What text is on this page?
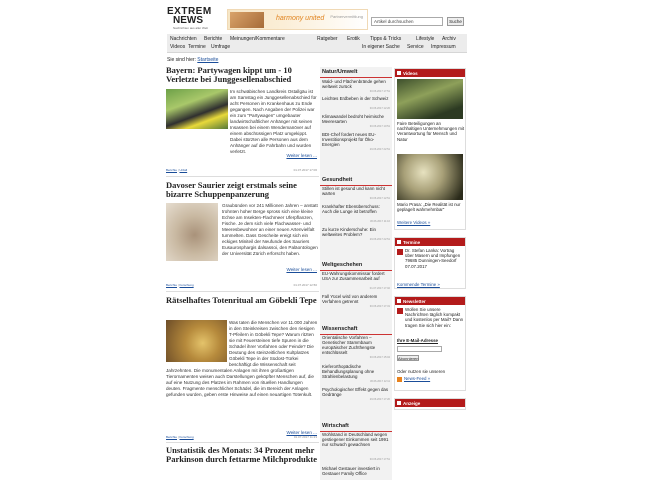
EXTREM
NEWS
Nachrichten aus aller Welt
harmony united Partnervermittlung
Artikel durchsuchen	Suche
Nachrichten Berichte Meinungen/Kommentare	Ratgeber Erotik Tipps & Tricks	Lifestyle Archiv
Videos Termine Umfrage	In eigener Sache Service Impressum
Sie sind hier: Startseite
Bayern: Partywagen kippt um - 10 Verletzte bei Junggesellenabschied
Im schwäbischen Landkreis Ostallgäu ist am Samstag ein Junggesellenabschied für acht Personen im Krankenhaus zu Ende gegangen. Nach Angaben der Polizei war ein zum "Partywagen" umgebauter landwirtschaftlicher Anhänger mit seinen Insassen bei einem Wendemanöver auf einem abschüssigen Platz umgekippt. Dabei stürzten alle Personen aus dem Anhänger auf die Fahrbahn und wurden verletzt.
Weiter lesen ...
Berichte | Unfall	01.07.2017 17:06
Davoser Saurier zeigt erstmals seine bizarre Schuppenpanzerung
Graubünden vor 241 Millionen Jahren – anstatt trohnten hoher Berge spross sich eine kleine Echse am Insekten-Flachmeer Uferpflanzen, Fische. Je dem sich viele Flachwasser- und Meeresbewohner an einer neuen Artenvielfalt tummelten. Dass Gescheite ereigt sich ein eckiges Miniteil der Neufunde des Sauriers Eusaurosphargis dalsassoi, den Paläontologen der Universität Zürich erforscht haben.
Weiter lesen ...
Berichte | Forschung	01.07.2017 12:50
Rätselhaftes Totenritual am Göbekli Tepe
Was taten die Menschen vor 11.000 Jahren in den Steinkreisen zwischen den riesigen T-Pfeilern in Göbekli Tepe? Warum ritzten sie mit Feuersteinen tiefe Spuren in die Schädel ihrer Vorfahren oder Feinde? Die Deutung des steinzeitlichen Kultplatzes Göbekli Tepe in der Südost-Türkei beschäftigt die Wissenschaft seit Jahrzehnten. Die monumentalen Anlagen mit ihren großartigen Tierornamenten weisen auch Darstellungen geköpfter Menschen auf, die auf eine Nutzung des Platzes im Rahmen von rituellen Handlungen deuten. Fragmente menschlicher Schädel, die im Bereich der Anlagen gefunden wurden, geben erste Hinweise auf einen neuartigen Totenkult.
Weiter lesen ...
Berichte | Forschung	01.07.2017 11:23
Unstatistik des Monats: 34 Prozent mehr Parkinson durch fettarme Milchprodukte
Natur/Umwelt
Wald- und Flächenbrände gehen weltweit zurück
30.06.2017 17:51
Leichtes Erdbeben in der Schweiz
30.06.2017 12:26
Klimawandel bedroht heimische Meeresarten
30.06.2017 10:51
BDI-Chef fordert neues EU-Investitionsprojekt für Öko-Energien
29.06.2017 22:51
Gesundheit
Stillen ist gesund und kann nicht warten
30.06.2017 12:51
Krankhafter Ebenüberschuss: Auch die Lunge ist betroffen
30.06.2017 11:16
Zu kurze Kinderschuhe: Ein weltweites Problem?
29.06.2017 22:51
Weltgeschehen
EU-Wahrungskommissar fordert USA zur Zusammenarbeit auf
01.07.2017 17:02
Fall Yücel wird von anderem Verfahren getrennt
30.06.2017 17:31
Wissenschaft
Orientalische Vorfahren – Genetischer Stammbaum europäischer Zuchthengste entschlüsselt
30.06.2017 15:04
Kieferorthopädische Behandlungsplanung ohne Strahlenbelastung
30.06.2017 12:11
Psychologischer Effekt gegen das Gedränge
29.06.2017 17:20
Wirtschaft
Wohlstand in Deutschland wegen gestiegener Einkommen seit 1991 nur schwach gewachsen
30.06.2017 17:51
Michael Gestauer investiert in Gestauer Family Office
Videos
Faire Beteiligungen an nachhaltigen Unternehmungen mit Verantwortung für Mensch und Natur
Mario Prasa: „Die Realität ist nur geplagelt wahrnehmbar“
Weitere Videos »
Termine
Dr. Stefan Lanka: Vortrag über Masern und Impfungen 79685 Dunningen-Seedorf 07.07.2017
Kommende Termine »
Newsletter
Wollen Sie unsere Nachrichten täglich kompakt und kostenlos per Mail? Dann tragen Sie sich hier ein:
Ihre E-Mail-Adresse
Abonnieren
Oder nutzen sie unseren
News-Feed »
Anzeige
